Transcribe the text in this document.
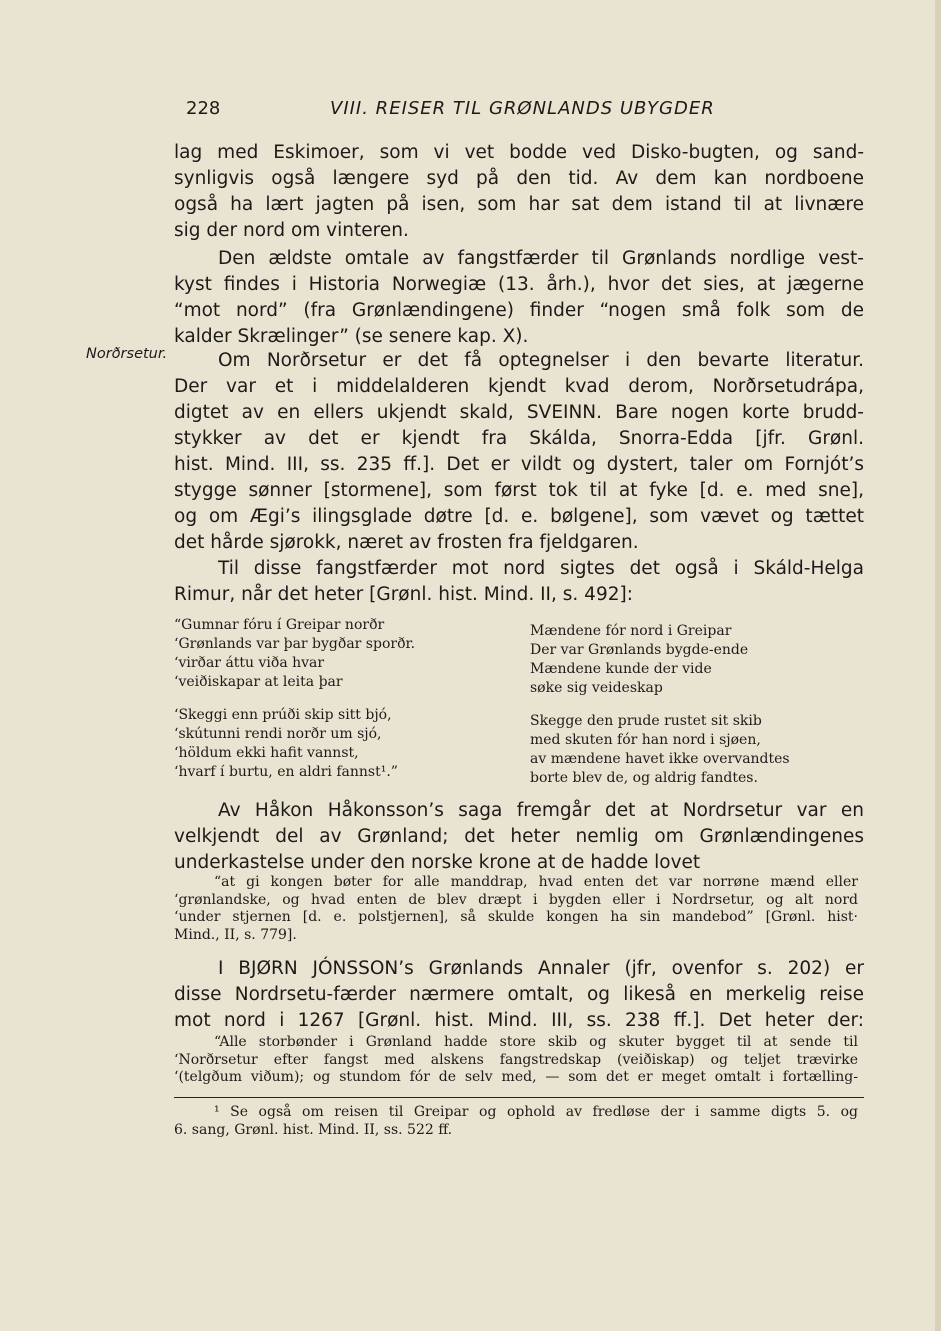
228	VIII. REISER TIL GRØNLANDS UBYGDER
Norðrsetur.
lag med Eskimoer, som vi vet bodde ved Disko-bugten, og sand-
synligvis også længere syd på den tid. Av dem kan nordboene
også ha lært jagten på isen, som har sat dem istand til at livnære
sig der nord om vinteren.
Den ældste omtale av fangstfærder til Grønlands nordlige vest-
kyst findes i Historia Norwegiæ (13. årh.), hvor det sies, at jægerne
“mot nord” (fra Grønlændingene) finder “nogen små folk som de
kalder Skrælinger” (se senere kap. X).
Om Norðrsetur er det få optegnelser i den bevarte literatur.
Der var et i middelalderen kjendt kvad derom, Norðrsetudrápa,
digtet av en ellers ukjendt skald, SVEINN. Bare nogen korte brudd-
stykker av det er kjendt fra Skálda, Snorra-Edda [jfr. Grønl.
hist. Mind. III, ss. 235 ff.]. Det er vildt og dystert, taler om Fornjót’s
stygge sønner [stormene], som først tok til at fyke [d. e. med sne],
og om Ægi’s ilingsglade døtre [d. e. bølgene], som vævet og tættet
det hårde sjørokk, næret av frosten fra fjeldgaren.
Til disse fangstfærder mot nord sigtes det også i Skáld-Helga
Rimur, når det heter [Grønl. hist. Mind. II, s. 492]:
“Gumnar fóru í Greipar norðr
‘Grønlands var þar bygðar sporðr.
‘virðar áttu viða hvar
‘veiðiskapar at leita þar
Mændene fór nord i Greipar
Der var Grønlands bygde-ende
Mændene kunde der vide
søke sig veideskap
‘Skeggi enn prúði skip sitt bjó,
‘skútunni rendi norðr um sjó,
‘höldum ekki hafit vannst,
‘hvarf í burtu, en aldri fannst¹.”
Skegge den prude rustet sit skib
med skuten fór han nord i sjøen,
av mændene havet ikke overvandtes
borte blev de, og aldrig fandtes.
Av Håkon Håkonsson’s saga fremgår det at Nordrsetur var en
velkjendt del av Grønland; det heter nemlig om Grønlændingenes
underkastelse under den norske krone at de hadde lovet
“at gi kongen bøter for alle manddrap, hvad enten det var norrøne mænd eller
‘grønlandske, og hvad enten de blev dræpt i bygden eller i Nordrsetur, og alt nord
‘under stjernen [d. e. polstjernen], så skulde kongen ha sin mandebod” [Grønl. hist·
Mind., II, s. 779].
I BJØRN JÓNSSON’s Grønlands Annaler (jfr, ovenfor s. 202) er
disse Nordrsetu-færder nærmere omtalt, og likeså en merkelig reise
mot nord i 1267 [Grønl. hist. Mind. III, ss. 238 ff.]. Det heter der:
“Alle storbønder i Grønland hadde store skib og skuter bygget til at sende til
‘Norðrsetur efter fangst med alskens fangstredskap (veiðiskap) og teljet trævirke
‘(telgðum viðum); og stundom fór de selv med, — som det er meget omtalt i fortælling-
¹ Se også om reisen til Greipar og ophold av fredløse der i samme digts 5. og
6. sang, Grønl. hist. Mind. II, ss. 522 ff.
